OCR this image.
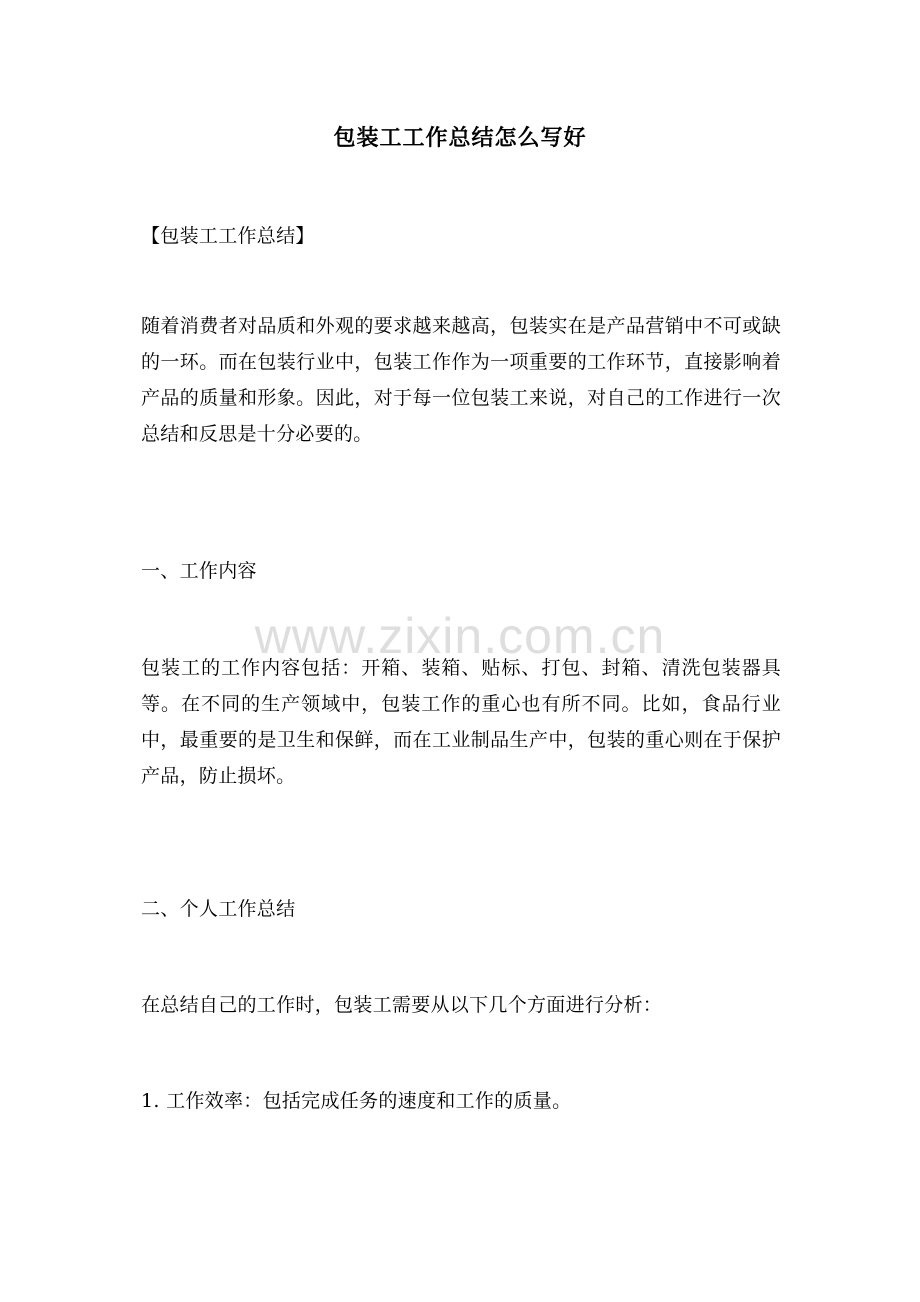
包装工工作总结怎么写好

【包装工工作总结】

随着消费者对品质和外观的要求越来越高，包装实在是产品营销中不可或缺的一环。而在包装行业中，包装工作作为一项重要的工作环节，直接影响着产品的质量和形象。因此，对于每一位包装工来说，对自己的工作进行一次总结和反思是十分必要的。

一、工作内容

包装工的工作内容包括：开箱、装箱、贴标、打包、封箱、清洗包装器具等。在不同的生产领域中，包装工作的重心也有所不同。比如，食品行业中，最重要的是卫生和保鲜，而在工业制品生产中，包装的重心则在于保护产品，防止损坏。

二、个人工作总结

在总结自己的工作时，包装工需要从以下几个方面进行分析：

1. 工作效率：包括完成任务的速度和工作的质量。

www.zixin.com.cn
